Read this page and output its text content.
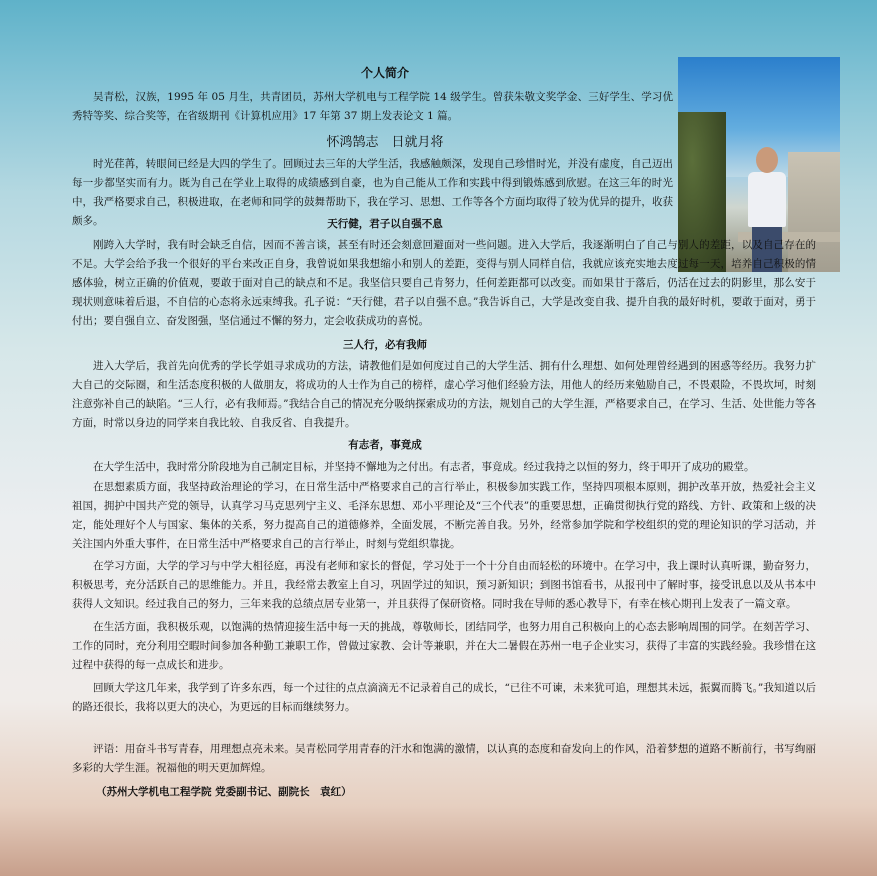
个人简介

吴青松，汉族，1995 年 05 月生，共青团员，苏州大学机电与工程学院 14 级学生。曾获朱敬文奖学金、三好学生、学习优秀特等奖、综合奖等，在省级期刊《计算机应用》17 年第 37 期上发表论文 1 篇。

怀鸿鹄志　日就月将

时光荏苒，转眼间已经是大四的学生了。回顾过去三年的大学生活，我感触颇深，发现自己珍惜时光，并没有虚度，自己迈出每一步都坚实而有力。既为自己在学业上取得的成绩感到自豪，也为自己能从工作和实践中得到锻炼感到欣慰。在这三年的时光中，我严格要求自己，积极进取，在老师和同学的鼓舞帮助下，我在学习、思想、工作等各个方面均取得了较为优异的提升，收获颇多。	天行健，君子以自强不息

刚跨入大学时，我有时会缺乏自信，因而不善言谈，甚至有时还会刻意回避面对一些问题。进入大学后，我逐渐明白了自己与别人的差距，以及自己存在的不足。大学会给予我一个很好的平台来改正自身，我曾说如果我想缩小和别人的差距，变得与别人同样自信，我就应该充实地去度过每一天，培养自己积极的情感体验，树立正确的价值观，要敢于面对自己的缺点和不足。我坚信只要自己肯努力，任何差距都可以改变。而如果甘于落后，仍活在过去的阴影里，那么安于现状则意味着后退，不自信的心态将永远束缚我。孔子说：“天行健，君子以自强不息。”我告诉自己，大学是改变自我、提升自我的最好时机，要敢于面对，勇于付出；要自强自立、奋发图强，坚信通过不懈的努力，定会收获成功的喜悦。

三人行，必有我师

进入大学后，我首先向优秀的学长学姐寻求成功的方法，请教他们是如何度过自己的大学生活、拥有什么理想、如何处理曾经遇到的困惑等经历。我努力扩大自己的交际圈，和生活态度积极的人做朋友，将成功的人士作为自己的榜样，虚心学习他们经验方法，用他人的经历来勉励自己，不畏艰险，不畏坎坷，时刻注意弥补自己的缺陷。“三人行，必有我师焉。”我结合自己的情况充分吸纳探索成功的方法，规划自己的大学生涯，严格要求自己，在学习、生活、处世能力等各方面，时常以身边的同学来自我比较、自我反省、自我提升。

有志者，事竟成

在大学生活中，我时常分阶段地为自己制定目标，并坚持不懈地为之付出。有志者，事竟成。经过我持之以恒的努力，终于叩开了成功的殿堂。

在思想素质方面，我坚持政治理论的学习，在日常生活中严格要求自己的言行举止，积极参加实践工作，坚持四项根本原则，拥护改革开放，热爱社会主义祖国，拥护中国共产党的领导，认真学习马克思列宁主义、毛泽东思想、邓小平理论及“三个代表”的重要思想，正确贯彻执行党的路线、方针、政策和上级的决定，能处理好个人与国家、集体的关系，努力提高自己的道德修养，全面发展，不断完善自我。另外，经常参加学院和学校组织的党的理论知识的学习活动，并关注国内外重大事件，在日常生活中严格要求自己的言行举止，时刻与党组织靠拢。

在学习方面，大学的学习与中学大相径庭，再没有老师和家长的督促，学习处于一个十分自由而轻松的环境中。在学习中，我上课时认真听课，勤奋努力，积极思考，充分活跃自己的思维能力。并且，我经常去教室上自习，巩固学过的知识，预习新知识；到图书馆看书，从报刊中了解时事，接受讯息以及从书本中获得人文知识。经过我自己的努力，三年来我的总绩点居专业第一，并且获得了保研资格。同时我在导师的悉心教导下，有幸在核心期刊上发表了一篇文章。

在生活方面，我积极乐观，以饱满的热情迎接生活中每一天的挑战，尊敬师长，团结同学，也努力用自己积极向上的心态去影响周围的同学。在刻苦学习、工作的同时，充分利用空暇时间参加各种勤工兼职工作，曾做过家教、会计等兼职，并在大二暑假在苏州一电子企业实习，获得了丰富的实践经验。我珍惜在这过程中获得的每一点成长和进步。

回顾大学这几年来，我学到了许多东西，每一个过往的点点滴滴无不记录着自己的成长，“已往不可谏，未来犹可追，理想其未远，振翼而腾飞。”我知道以后的路还很长，我将以更大的决心，为更远的目标而继续努力。

评语：用奋斗书写青春，用理想点亮未来。吴青松同学用青春的汗水和饱满的激情，以认真的态度和奋发向上的作风，沿着梦想的道路不断前行，书写绚丽多彩的大学生涯。祝福他的明天更加辉煌。

（苏州大学机电工程学院 党委副书记、副院长　袁红）
